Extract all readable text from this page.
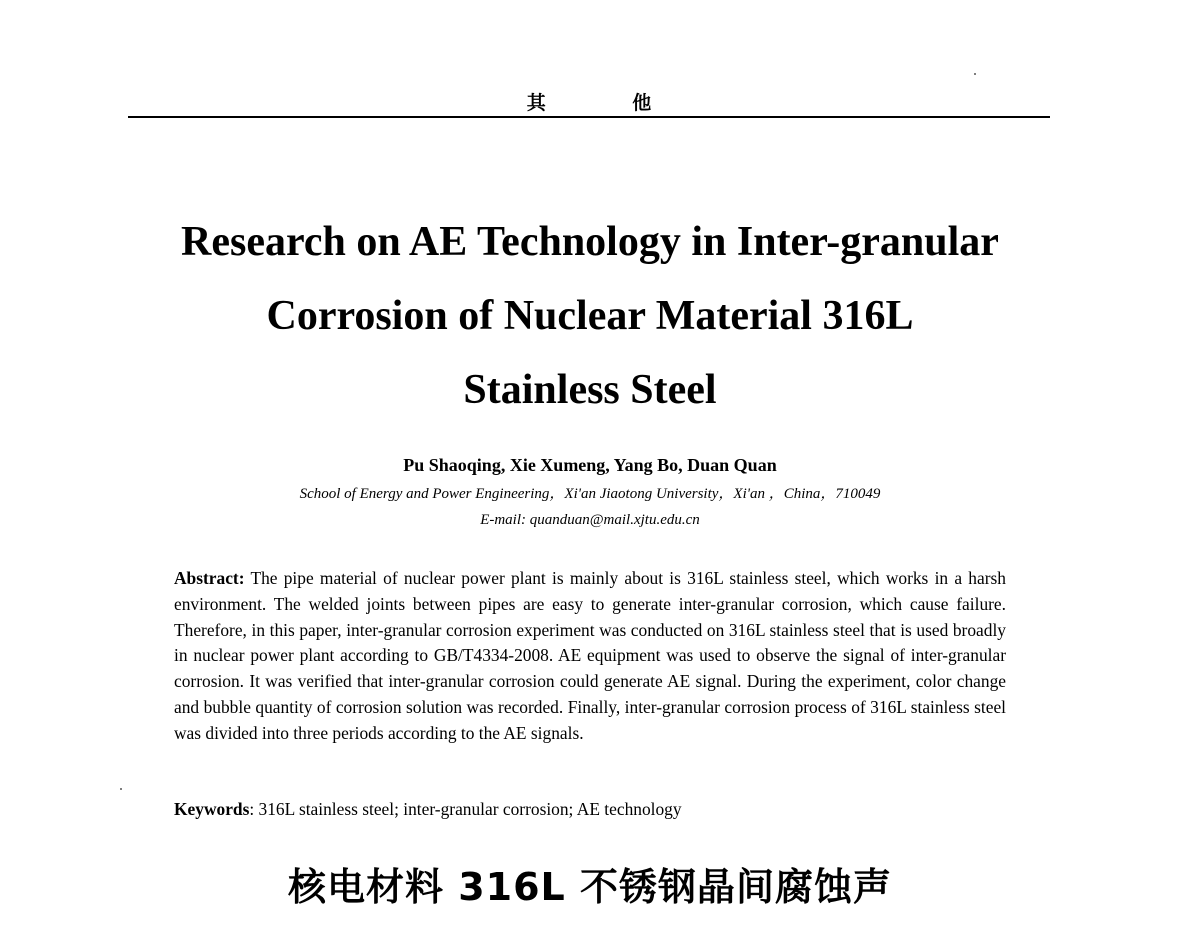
其 他
Research on AE Technology in Inter-granular
Corrosion of Nuclear Material 316L
Stainless Steel
Pu Shaoqing, Xie Xumeng, Yang Bo, Duan Quan
School of Energy and Power Engineering，Xi'an Jiaotong University，Xi'an ，China，710049
E-mail: quanduan@mail.xjtu.edu.cn

Abstract: The pipe material of nuclear power plant is mainly about is 316L stainless steel, which works in a harsh environment. The welded joints between pipes are easy to generate inter-granular corrosion, which cause failure. Therefore, in this paper, inter-granular corrosion experiment was conducted on 316L stainless steel that is used broadly in nuclear power plant according to GB/T4334-2008. AE equipment was used to observe the signal of inter-granular corrosion. It was verified that inter-granular corrosion could generate AE signal. During the experiment, color change and bubble quantity of corrosion solution was recorded. Finally, inter-granular corrosion process of 316L stainless steel was divided into three periods according to the AE signals.

Keywords: 316L stainless steel; inter-granular corrosion; AE technology

核电材料 316L 不锈钢晶间腐蚀声
